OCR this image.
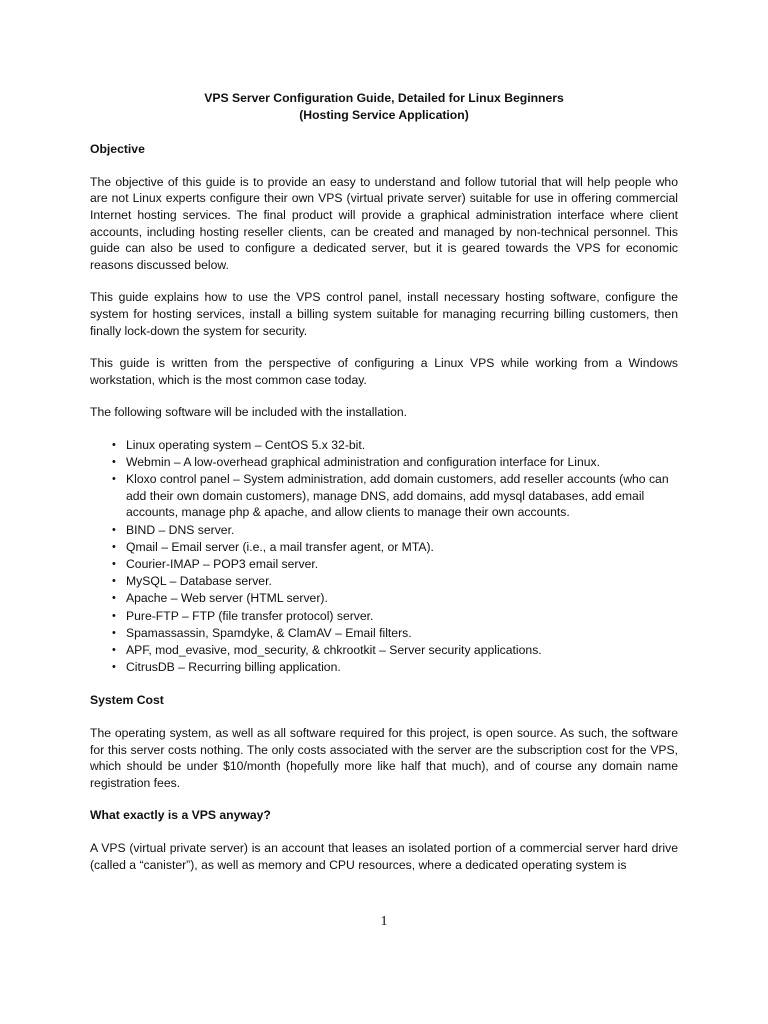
VPS Server Configuration Guide, Detailed for Linux Beginners

(Hosting Service Application)

Objective

The objective of this guide is to provide an easy to understand and follow tutorial that will help people who are not Linux experts configure their own VPS (virtual private server) suitable for use in offering commercial Internet hosting services. The final product will provide a graphical administration interface where client accounts, including hosting reseller clients, can be created and managed by non-technical personnel. This guide can also be used to configure a dedicated server, but it is geared towards the VPS for economic reasons discussed below.

This guide explains how to use the VPS control panel, install necessary hosting software, configure the system for hosting services, install a billing system suitable for managing recurring billing customers, then finally lock-down the system for security.

This guide is written from the perspective of configuring a Linux VPS while working from a Windows workstation, which is the most common case today.

The following software will be included with the installation.

• Linux operating system – CentOS 5.x 32-bit.
• Webmin – A low-overhead graphical administration and configuration interface for Linux.
• Kloxo control panel – System administration, add domain customers, add reseller accounts (who can add their own domain customers), manage DNS, add domains, add mysql databases, add email accounts, manage php & apache, and allow clients to manage their own accounts.
• BIND – DNS server.
• Qmail – Email server (i.e., a mail transfer agent, or MTA).
• Courier-IMAP – POP3 email server.
• MySQL – Database server.
• Apache – Web server (HTML server).
• Pure-FTP – FTP (file transfer protocol) server.
• Spamassassin, Spamdyke, & ClamAV – Email filters.
• APF, mod_evasive, mod_security, & chkrootkit – Server security applications.
• CitrusDB – Recurring billing application.

System Cost

The operating system, as well as all software required for this project, is open source. As such, the software for this server costs nothing. The only costs associated with the server are the subscription cost for the VPS, which should be under $10/month (hopefully more like half that much), and of course any domain name registration fees.

What exactly is a VPS anyway?

A VPS (virtual private server) is an account that leases an isolated portion of a commercial server hard drive (called a “canister”), as well as memory and CPU resources, where a dedicated operating system is

1
